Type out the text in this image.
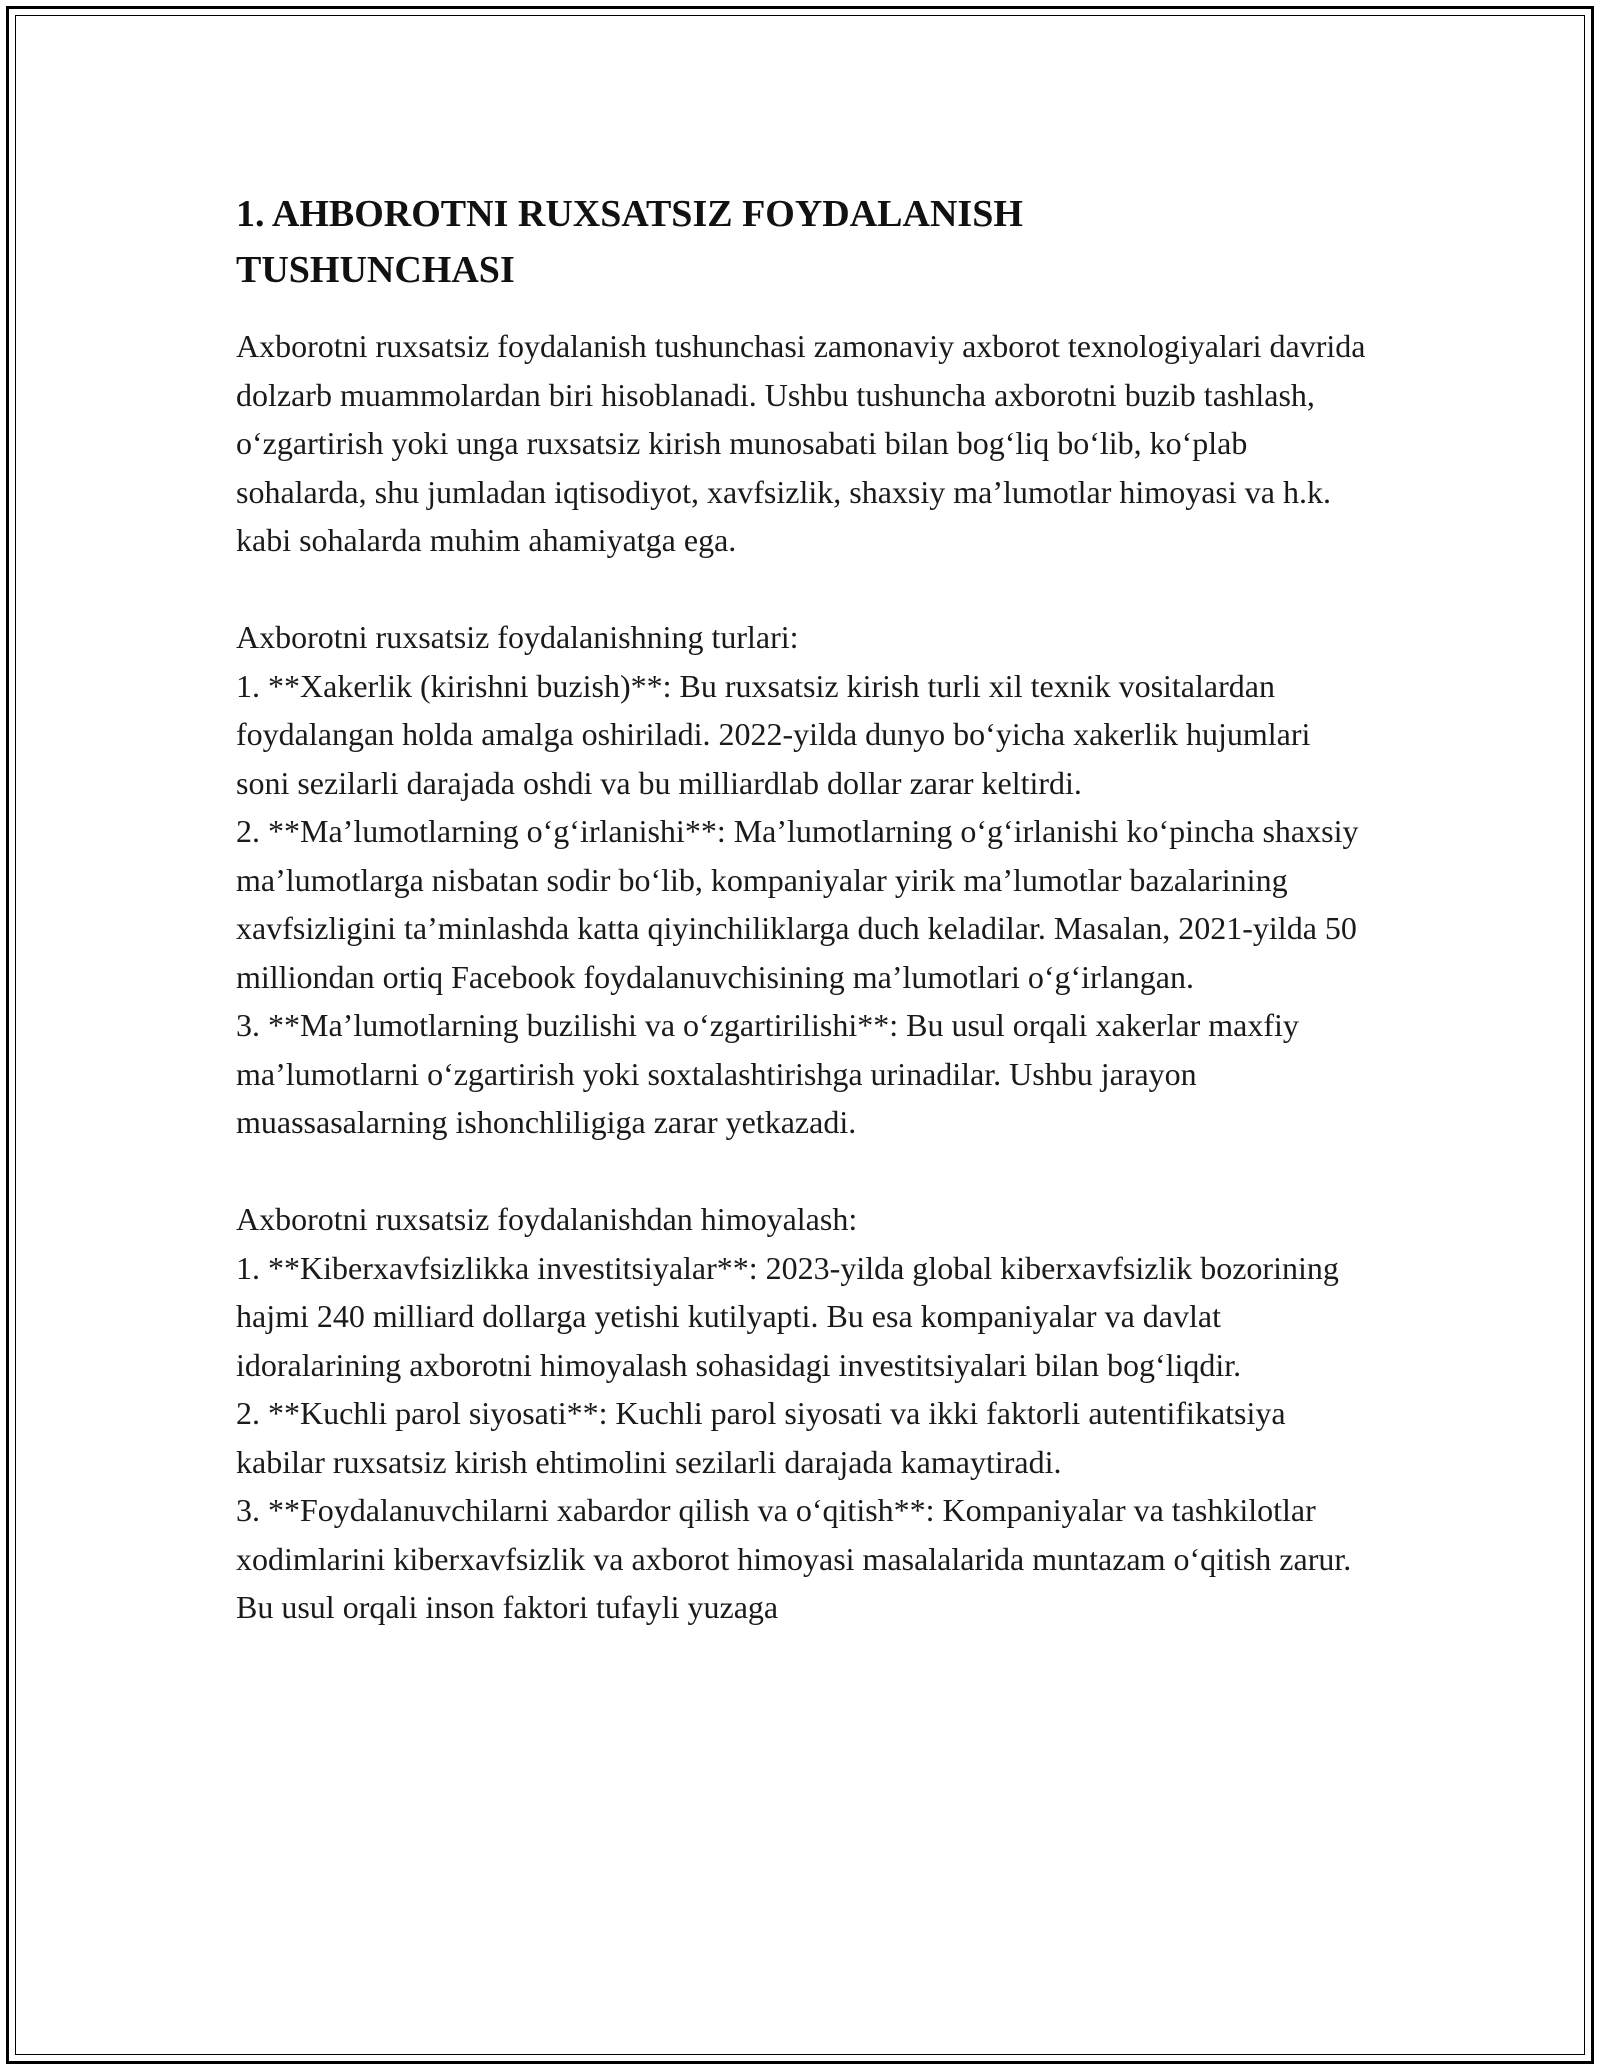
1. AHBOROTNI RUXSATSIZ FOYDALANISH TUSHUNCHASI

Axborotni ruxsatsiz foydalanish tushunchasi zamonaviy axborot texnologiyalari davrida dolzarb muammolardan biri hisoblanadi. Ushbu tushuncha axborotni buzib tashlash, o‘zgartirish yoki unga ruxsatsiz kirish munosabati bilan bog‘liq bo‘lib, ko‘plab sohalarda, shu jumladan iqtisodiyot, xavfsizlik, shaxsiy ma’lumotlar himoyasi va h.k. kabi sohalarda muhim ahamiyatga ega.

Axborotni ruxsatsiz foydalanishning turlari:

1. **Xakerlik (kirishni buzish)**: Bu ruxsatsiz kirish turli xil texnik vositalardan foydalangan holda amalga oshiriladi. 2022-yilda dunyo bo‘yicha xakerlik hujumlari soni sezilarli darajada oshdi va bu milliardlab dollar zarar keltirdi.

2. **Ma’lumotlarning o‘g‘irlanishi**: Ma’lumotlarning o‘g‘irlanishi ko‘pincha shaxsiy ma’lumotlarga nisbatan sodir bo‘lib, kompaniyalar yirik ma’lumotlar bazalarining xavfsizligini ta’minlashda katta qiyinchiliklarga duch keladilar. Masalan, 2021-yilda 50 milliondan ortiq Facebook foydalanuvchisining ma’lumotlari o‘g‘irlangan.

3. **Ma’lumotlarning buzilishi va o‘zgartirilishi**: Bu usul orqali xakerlar maxfiy ma’lumotlarni o‘zgartirish yoki soxtalashtirishga urinadilar. Ushbu jarayon muassasalarning ishonchliligiga zarar yetkazadi.

Axborotni ruxsatsiz foydalanishdan himoyalash:

1. **Kiberxavfsizlikka investitsiyalar**: 2023-yilda global kiberxavfsizlik bozorining hajmi 240 milliard dollarga yetishi kutilyapti. Bu esa kompaniyalar va davlat idoralarining axborotni himoyalash sohasidagi investitsiyalari bilan bog‘liqdir.

2. **Kuchli parol siyosati**: Kuchli parol siyosati va ikki faktorli autentifikatsiya kabilar ruxsatsiz kirish ehtimolini sezilarli darajada kamaytiradi.

3. **Foydalanuvchilarni xabardor qilish va o‘qitish**: Kompaniyalar va tashkilotlar xodimlarini kiberxavfsizlik va axborot himoyasi masalalarida muntazam o‘qitish zarur. Bu usul orqali inson faktori tufayli yuzaga
